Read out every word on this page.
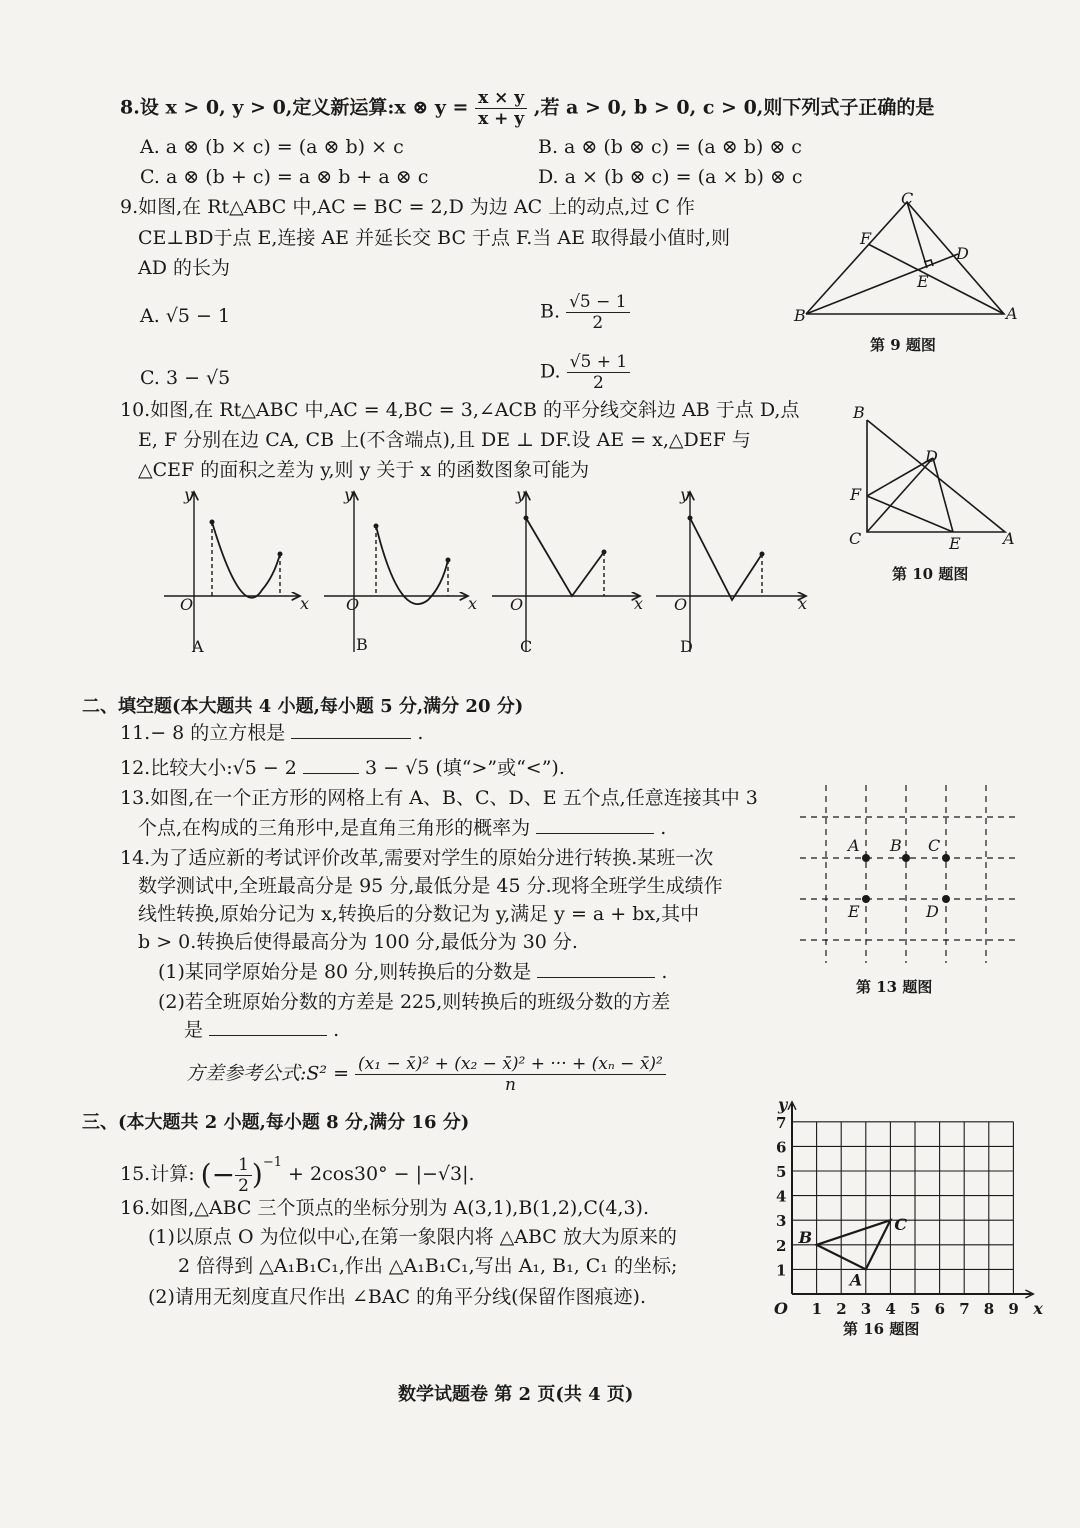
8.设 x > 0, y > 0,定义新运算:x ⊗ $y = \frac{x \times y}{x + y}$ ,若 a > 0, b > 0, c > 0,则下列式子正确的是
A. a ⊗ (b × c) = (a ⊗ b) × c	B. a ⊗ (b ⊗ c) = (a ⊗ b) ⊗ c
C. a ⊗ (b + c) = a ⊗ b + a ⊗ c	D. a × (b ⊗ c) = (a × b) ⊗ c
9.如图,在 Rt△ABC 中,AC = BC = 2,D 为边 AC 上的动点,过 C 作
CE⊥BD于点 E,连接 AE 并延长交 BC 于点 F.当 AE 取得最小值时,则
AD 的长为
A. √5 − 1	B. $\frac{√5 - 1}{2}$
C. 3 − √5	D. $\frac{√5 + 1}{2}$
C
F
D
E
B	A
第 9 题图
10.如图,在 Rt△ABC 中,AC = 4,BC = 3,∠ACB 的平分线交斜边 AB 于点 D,点
E, F 分别在边 CA, CB 上(不含端点),且 DE ⊥ DF.设 AE = x,△DEF 与
△CEF 的面积之差为 y,则 y 关于 x 的函数图象可能为
y
x
O
y
x
O
y
x
O
y
x
O
A	B	C	D
B
D
F
C	E	A
第 10 题图
二、填空题(本大题共 4 小题,每小题 5 分,满分 20 分)
11.− 8 的立方根是	.
12.比较大小:√5 − 2	3 − √5 (填“>”或“<”).
13.如图,在一个正方形的网格上有 A、B、C、D、E 五个点,任意连接其中 3
个点,在构成的三角形中,是直角三角形的概率为	.
A B C
E	D
第 13 题图
14.为了适应新的考试评价改革,需要对学生的原始分进行转换.某班一次
数学测试中,全班最高分是 95 分,最低分是 45 分.现将全班学生成绩作
线性转换,原始分记为 x,转换后的分数记为 y,满足 y = a + bx,其中
b > 0.转换后使得最高分为 100 分,最低分为 30 分.
(1)某同学原始分是 80 分,则转换后的分数是	.
(2)若全班原始分数的方差是 225,则转换后的班级分数的方差
是	.
方差参考公式:S² = $\frac{\text{(x₁ − x̄)² + (x₂ − x̄)² + ··· + (xₙ − x̄)²}}{n}$
三、(本大题共 2 小题,每小题 8 分,满分 16 分)
15.计算: (− $\frac{1}{2} )^{-1} + 2\cos 30^\circ - |-√3|$.
16.如图,△ABC 三个顶点的坐标分别为 A(3,1),B(1,2),C(4,3).
(1)以原点 O 为位似中心,在第一象限内将 △ABC 放大为原来的
2 倍得到 △A₁B₁C₁,作出 △A₁B₁C₁,写出 A₁, B₁, C₁ 的坐标;
(2)请用无刻度直尺作出 ∠BAC 的角平分线(保留作图痕迹).
1 2 3 4 5 6 7 8 9
1
2
3
4
5
6
7
O	x
y
A
B
C
第 16 题图
数学试题卷 第 2 页(共 4 页)
